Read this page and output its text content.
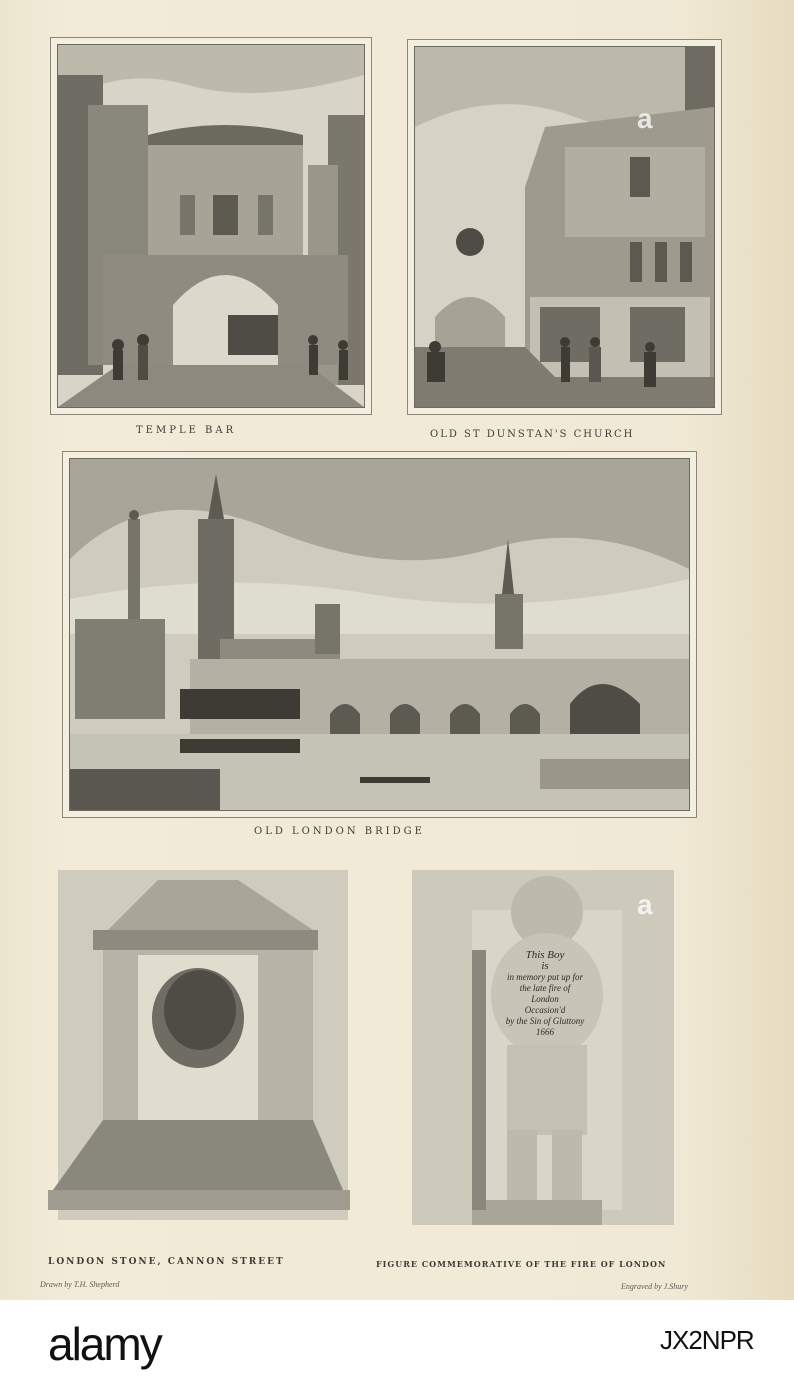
TEMPLE BAR	OLD ST DUNSTAN'S CHURCH
OLD LONDON BRIDGE
LONDON STONE, CANNON STREET
This Boy
is
in memory put up for
the late fire of
London
Occasion'd
by the Sin of Gluttony
1666
FIGURE COMMEMORATIVE OF THE FIRE OF LONDON
Drawn by T.H. Shepherd	Engraved by J.Shury
a
a
alamy	JX2NPR
